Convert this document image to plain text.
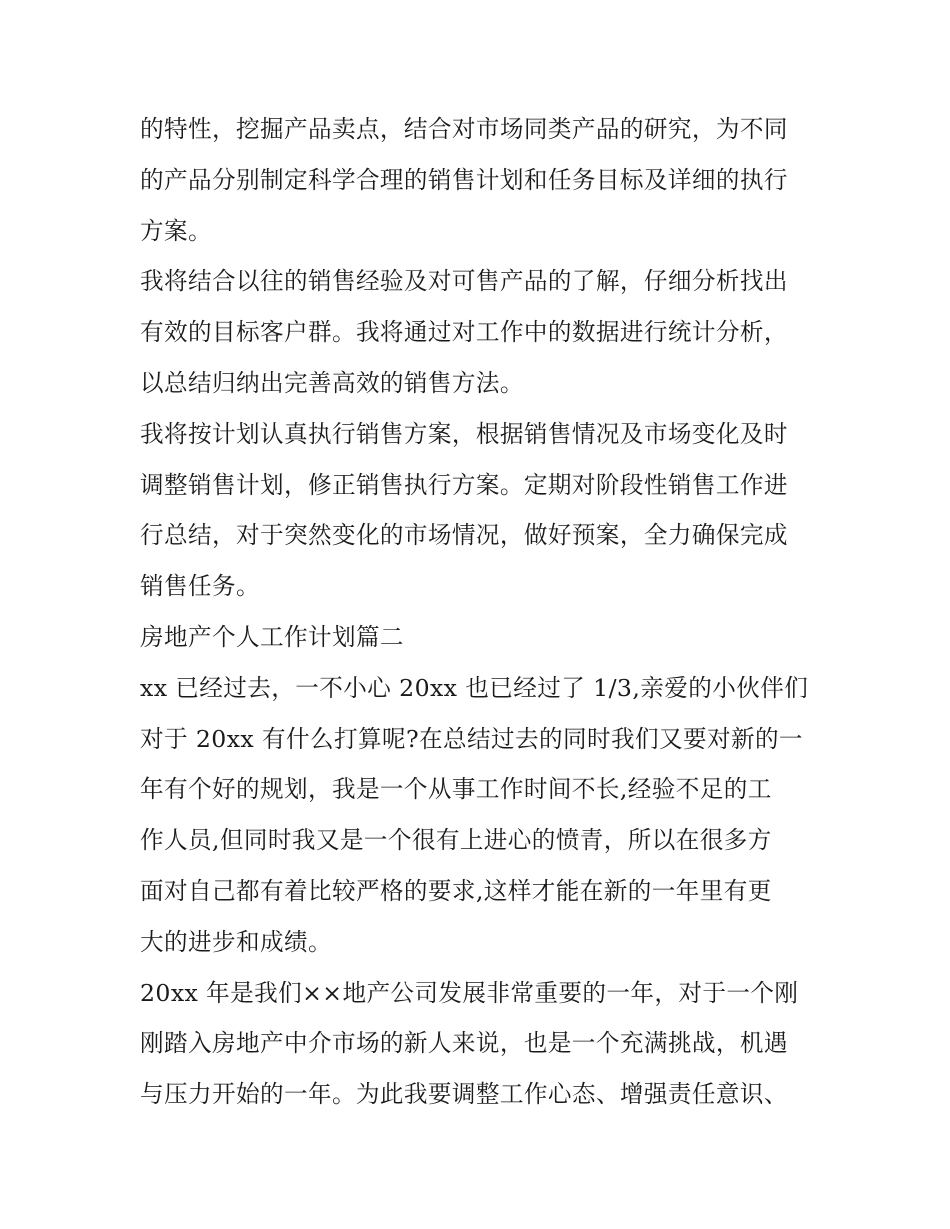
的特性，挖掘产品卖点，结合对市场同类产品的研究，为不同
的产品分别制定科学合理的销售计划和任务目标及详细的执行
方案。
我将结合以往的销售经验及对可售产品的了解，仔细分析找出
有效的目标客户群。我将通过对工作中的数据进行统计分析，
以总结归纳出完善高效的销售方法。
我将按计划认真执行销售方案，根据销售情况及市场变化及时
调整销售计划，修正销售执行方案。定期对阶段性销售工作进
行总结，对于突然变化的市场情况，做好预案，全力确保完成
销售任务。
房地产个人工作计划篇二
xx 已经过去，一不小心 20xx 也已经过了 1/3,亲爱的小伙伴们
对于 20xx 有什么打算呢?在总结过去的同时我们又要对新的一
年有个好的规划，我是一个从事工作时间不长,经验不足的工
作人员,但同时我又是一个很有上进心的愤青，所以在很多方
面对自己都有着比较严格的要求,这样才能在新的一年里有更
大的进步和成绩。
20xx 年是我们××地产公司发展非常重要的一年，对于一个刚
刚踏入房地产中介市场的新人来说，也是一个充满挑战，机遇
与压力开始的一年。为此我要调整工作心态、增强责任意识、
